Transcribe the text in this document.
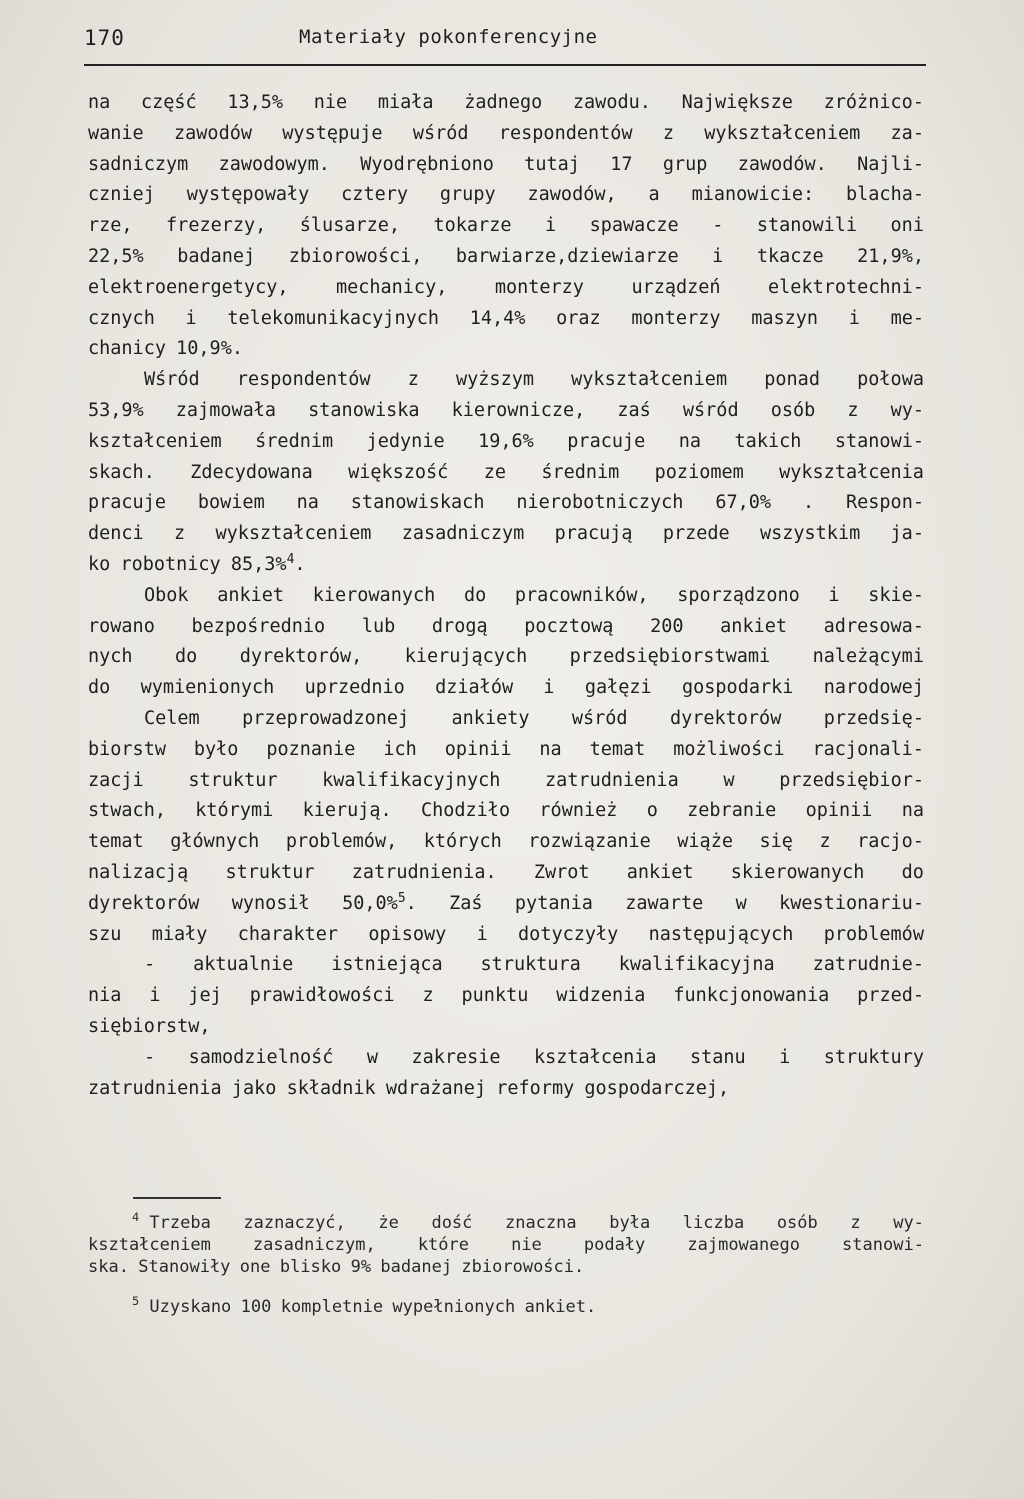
170	Materiały pokonferencyjne
na część 13,5% nie miała żadnego zawodu. Największe zróżnico-
wanie zawodów występuje wśród respondentów z wykształceniem za-
sadniczym zawodowym. Wyodrębniono tutaj 17 grup zawodów. Najli-
czniej występowały cztery grupy zawodów, a mianowicie: blacha-
rze, frezerzy, ślusarze, tokarze i spawacze - stanowili oni
22,5% badanej zbiorowości, barwiarze,dziewiarze i tkacze 21,9%,
elektroenergetycy,	mechanicy,	monterzy	urządzeń	elektrotechni-
cznych i telekomunikacyjnych 14,4% oraz monterzy maszyn i me-
chanicy 10,9%.
Wśród respondentów z wyższym wykształceniem ponad połowa
53,9% zajmowała stanowiska kierownicze, zaś wśród osób z wy-
kształceniem średnim jedynie 19,6% pracuje na takich stanowi-
skach. Zdecydowana większość ze średnim poziomem wykształcenia
pracuje bowiem na stanowiskach nierobotniczych 67,0% . Respon-
denci z wykształceniem zasadniczym pracują przede wszystkim ja-
ko robotnicy 85,3%$^4$.
Obok ankiet kierowanych do pracowników, sporządzono i skie-
rowano bezpośrednio lub drogą pocztową 200 ankiet adresowa-
nych do dyrektorów, kierujących przedsiębiorstwami należącymi
do wymienionych uprzednio działów i gałęzi gospodarki narodowej
Celem przeprowadzonej ankiety wśród dyrektorów przedsię-
biorstw było poznanie ich opinii na temat możliwości racjonali-
zacji struktur kwalifikacyjnych zatrudnienia w przedsiębior-
stwach, którymi kierują. Chodziło również o zebranie opinii na
temat głównych problemów, których rozwiązanie wiąże się z racjo-
nalizacją struktur zatrudnienia. Zwrot ankiet skierowanych do
dyrektorów wynosił 50,0%$^5$. Zaś pytania zawarte w kwestionariu-
szu miały charakter opisowy i dotyczyły następujących problemów
- aktualnie istniejąca struktura kwalifikacyjna zatrudnie-
nia i jej prawidłowości z punktu widzenia funkcjonowania przed-
siębiorstw,
- samodzielność w zakresie kształcenia stanu i struktury
zatrudnienia jako składnik wdrażanej reformy gospodarczej,
$^4$ Trzeba zaznaczyć, że dość znaczna była liczba osób z wy-
kształceniem zasadniczym, które nie podały zajmowanego stanowi-
ska. Stanowiły one blisko 9% badanej zbiorowości.
$^5$ Uzyskano 100 kompletnie wypełnionych ankiet.
